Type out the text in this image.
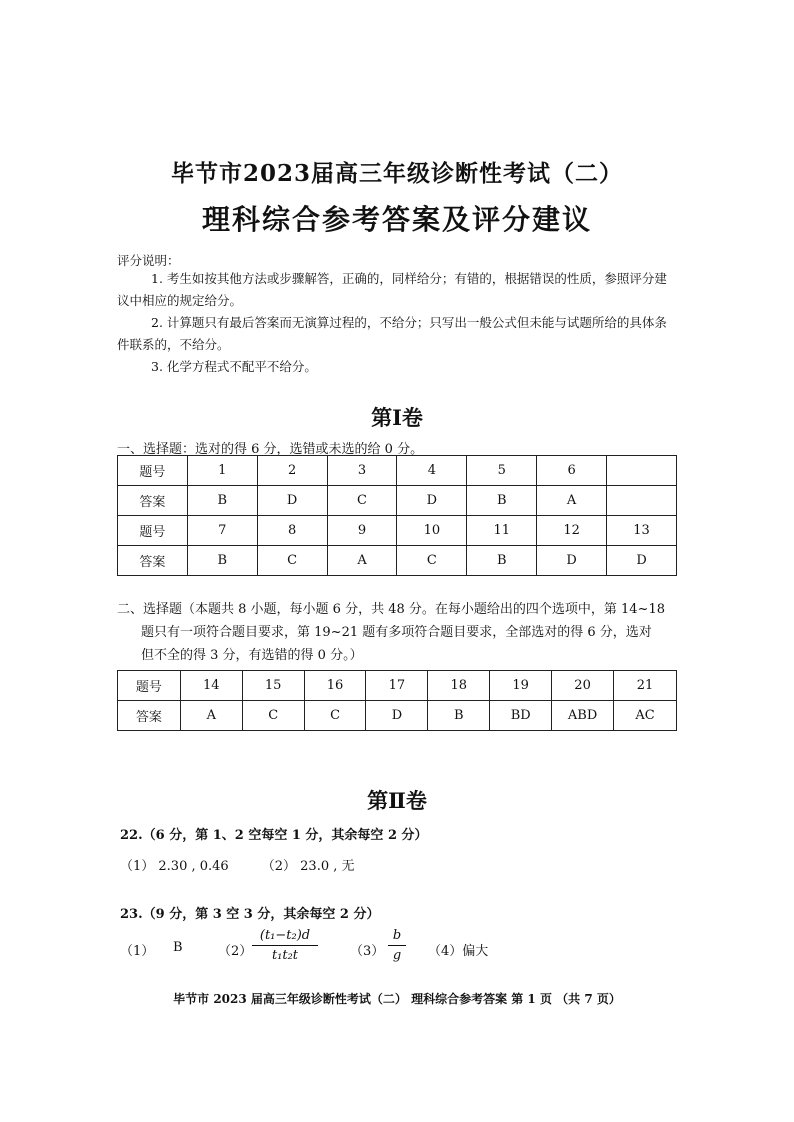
毕节市2023届高三年级诊断性考试（二）
理科综合参考答案及评分建议
评分说明：

1. 考生如按其他方法或步骤解答，正确的，同样给分；有错的，根据错误的性质，参照评分建议中相应的规定给分。

2. 计算题只有最后答案而无演算过程的，不给分；只写出一般公式但未能与试题所给的具体条件联系的，不给分。

3. 化学方程式不配平不给分。

第Ⅰ卷
一、选择题：选对的得 6 分，选错或未选的给 0 分。
题号	1	2	3	4	5	6	
答案	B	D	C	D	B	A	
题号	7	8	9	10	11	12	13
答案	B	C	A	C	B	D	D
二、选择题（本题共 8 小题，每小题 6 分，共 48 分。在每小题给出的四个选项中，第 14~18
题只有一项符合题目要求，第 19~21 题有多项符合题目要求，全部选对的得 6 分，选对
但不全的得 3 分，有选错的得 0 分。）
题号	14	15	16	17	18	19	20	21
答案	A	C	C	D	B	BD	ABD	AC
第Ⅱ卷
22.（6 分，第 1、2 空每空 1 分，其余每空 2 分）
（1） 2.30 , 0.46        （2） 23.0 , 无
23.（9 分，第 3 空 3 分，其余每空 2 分）
（1） B	（2）
(t₁−t₂)d
t₁t₂t	（3）
b
g	（4）偏大
毕节市 2023 届高三年级诊断性考试（二） 理科综合参考答案 第 1 页 （共 7 页）
